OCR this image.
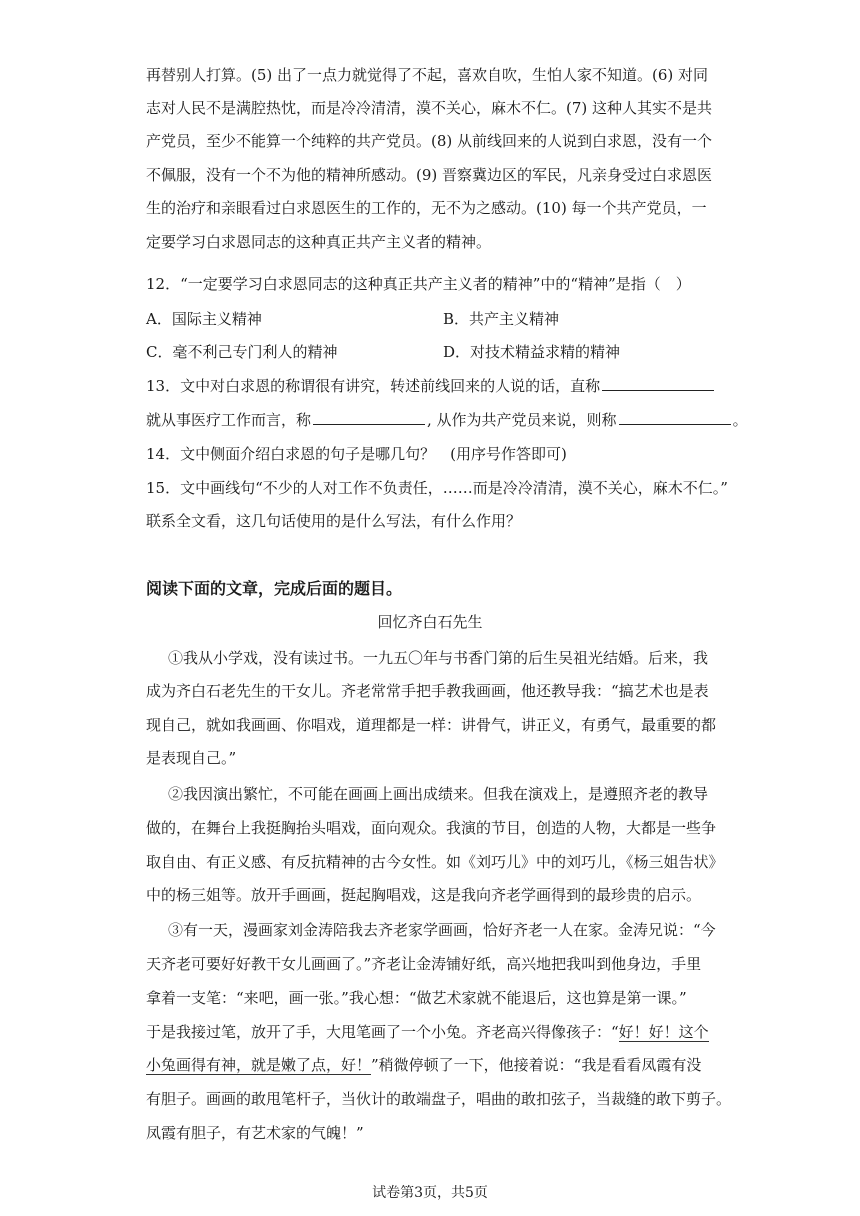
再替别人打算。(5) 出了一点力就觉得了不起，喜欢自吹，生怕人家不知道。(6) 对同
志对人民不是满腔热忱，而是冷冷清清，漠不关心，麻木不仁。(7) 这种人其实不是共
产党员，至少不能算一个纯粹的共产党员。(8) 从前线回来的人说到白求恩，没有一个
不佩服，没有一个不为他的精神所感动。(9) 晋察冀边区的军民，凡亲身受过白求恩医
生的治疗和亲眼看过白求恩医生的工作的，无不为之感动。(10) 每一个共产党员，一
定要学习白求恩同志的这种真正共产主义者的精神。
12．“一定要学习白求恩同志的这种真正共产主义者的精神”中的“精神”是指（　）
A．国际主义精神	B．共产主义精神
C．毫不利己专门利人的精神	D．对技术精益求精的精神
13．文中对白求恩的称谓很有讲究，转述前线回来的人说的话，直称
就从事医疗工作而言，称	, 从作为共产党员来说，则称	。
14．文中侧面介绍白求恩的句子是哪几句？　(用序号作答即可)
15．文中画线句“不少的人对工作不负责任，……而是冷冷清清，漠不关心，麻木不仁。”
联系全文看，这几句话使用的是什么写法，有什么作用？
阅读下面的文章，完成后面的题目。
回忆齐白石先生
①我从小学戏，没有读过书。一九五〇年与书香门第的后生吴祖光结婚。后来，我
成为齐白石老先生的干女儿。齐老常常手把手教我画画，他还教导我：“搞艺术也是表
现自己，就如我画画、你唱戏，道理都是一样：讲骨气，讲正义，有勇气，最重要的都
是表现自己。”
②我因演出繁忙，不可能在画画上画出成绩来。但我在演戏上，是遵照齐老的教导
做的，在舞台上我挺胸抬头唱戏，面向观众。我演的节目，创造的人物，大都是一些争
取自由、有正义感、有反抗精神的古今女性。如《刘巧儿》中的刘巧儿，《杨三姐告状》
中的杨三姐等。放开手画画，挺起胸唱戏，这是我向齐老学画得到的最珍贵的启示。
③有一天，漫画家刘金涛陪我去齐老家学画画，恰好齐老一人在家。金涛兄说：“今
天齐老可要好好教干女儿画画了。”齐老让金涛铺好纸，高兴地把我叫到他身边，手里
拿着一支笔：“来吧，画一张。”我心想：“做艺术家就不能退后，这也算是第一课。”
于是我接过笔，放开了手，大甩笔画了一个小兔。齐老高兴得像孩子：“好！好！这个
小兔画得有神，就是嫩了点，好！”稍微停顿了一下，他接着说：“我是看看凤霞有没
有胆子。画画的敢甩笔杆子，当伙计的敢端盘子，唱曲的敢扣弦子，当裁缝的敢下剪子。
凤霞有胆子，有艺术家的气魄！”
试卷第3页，共5页
